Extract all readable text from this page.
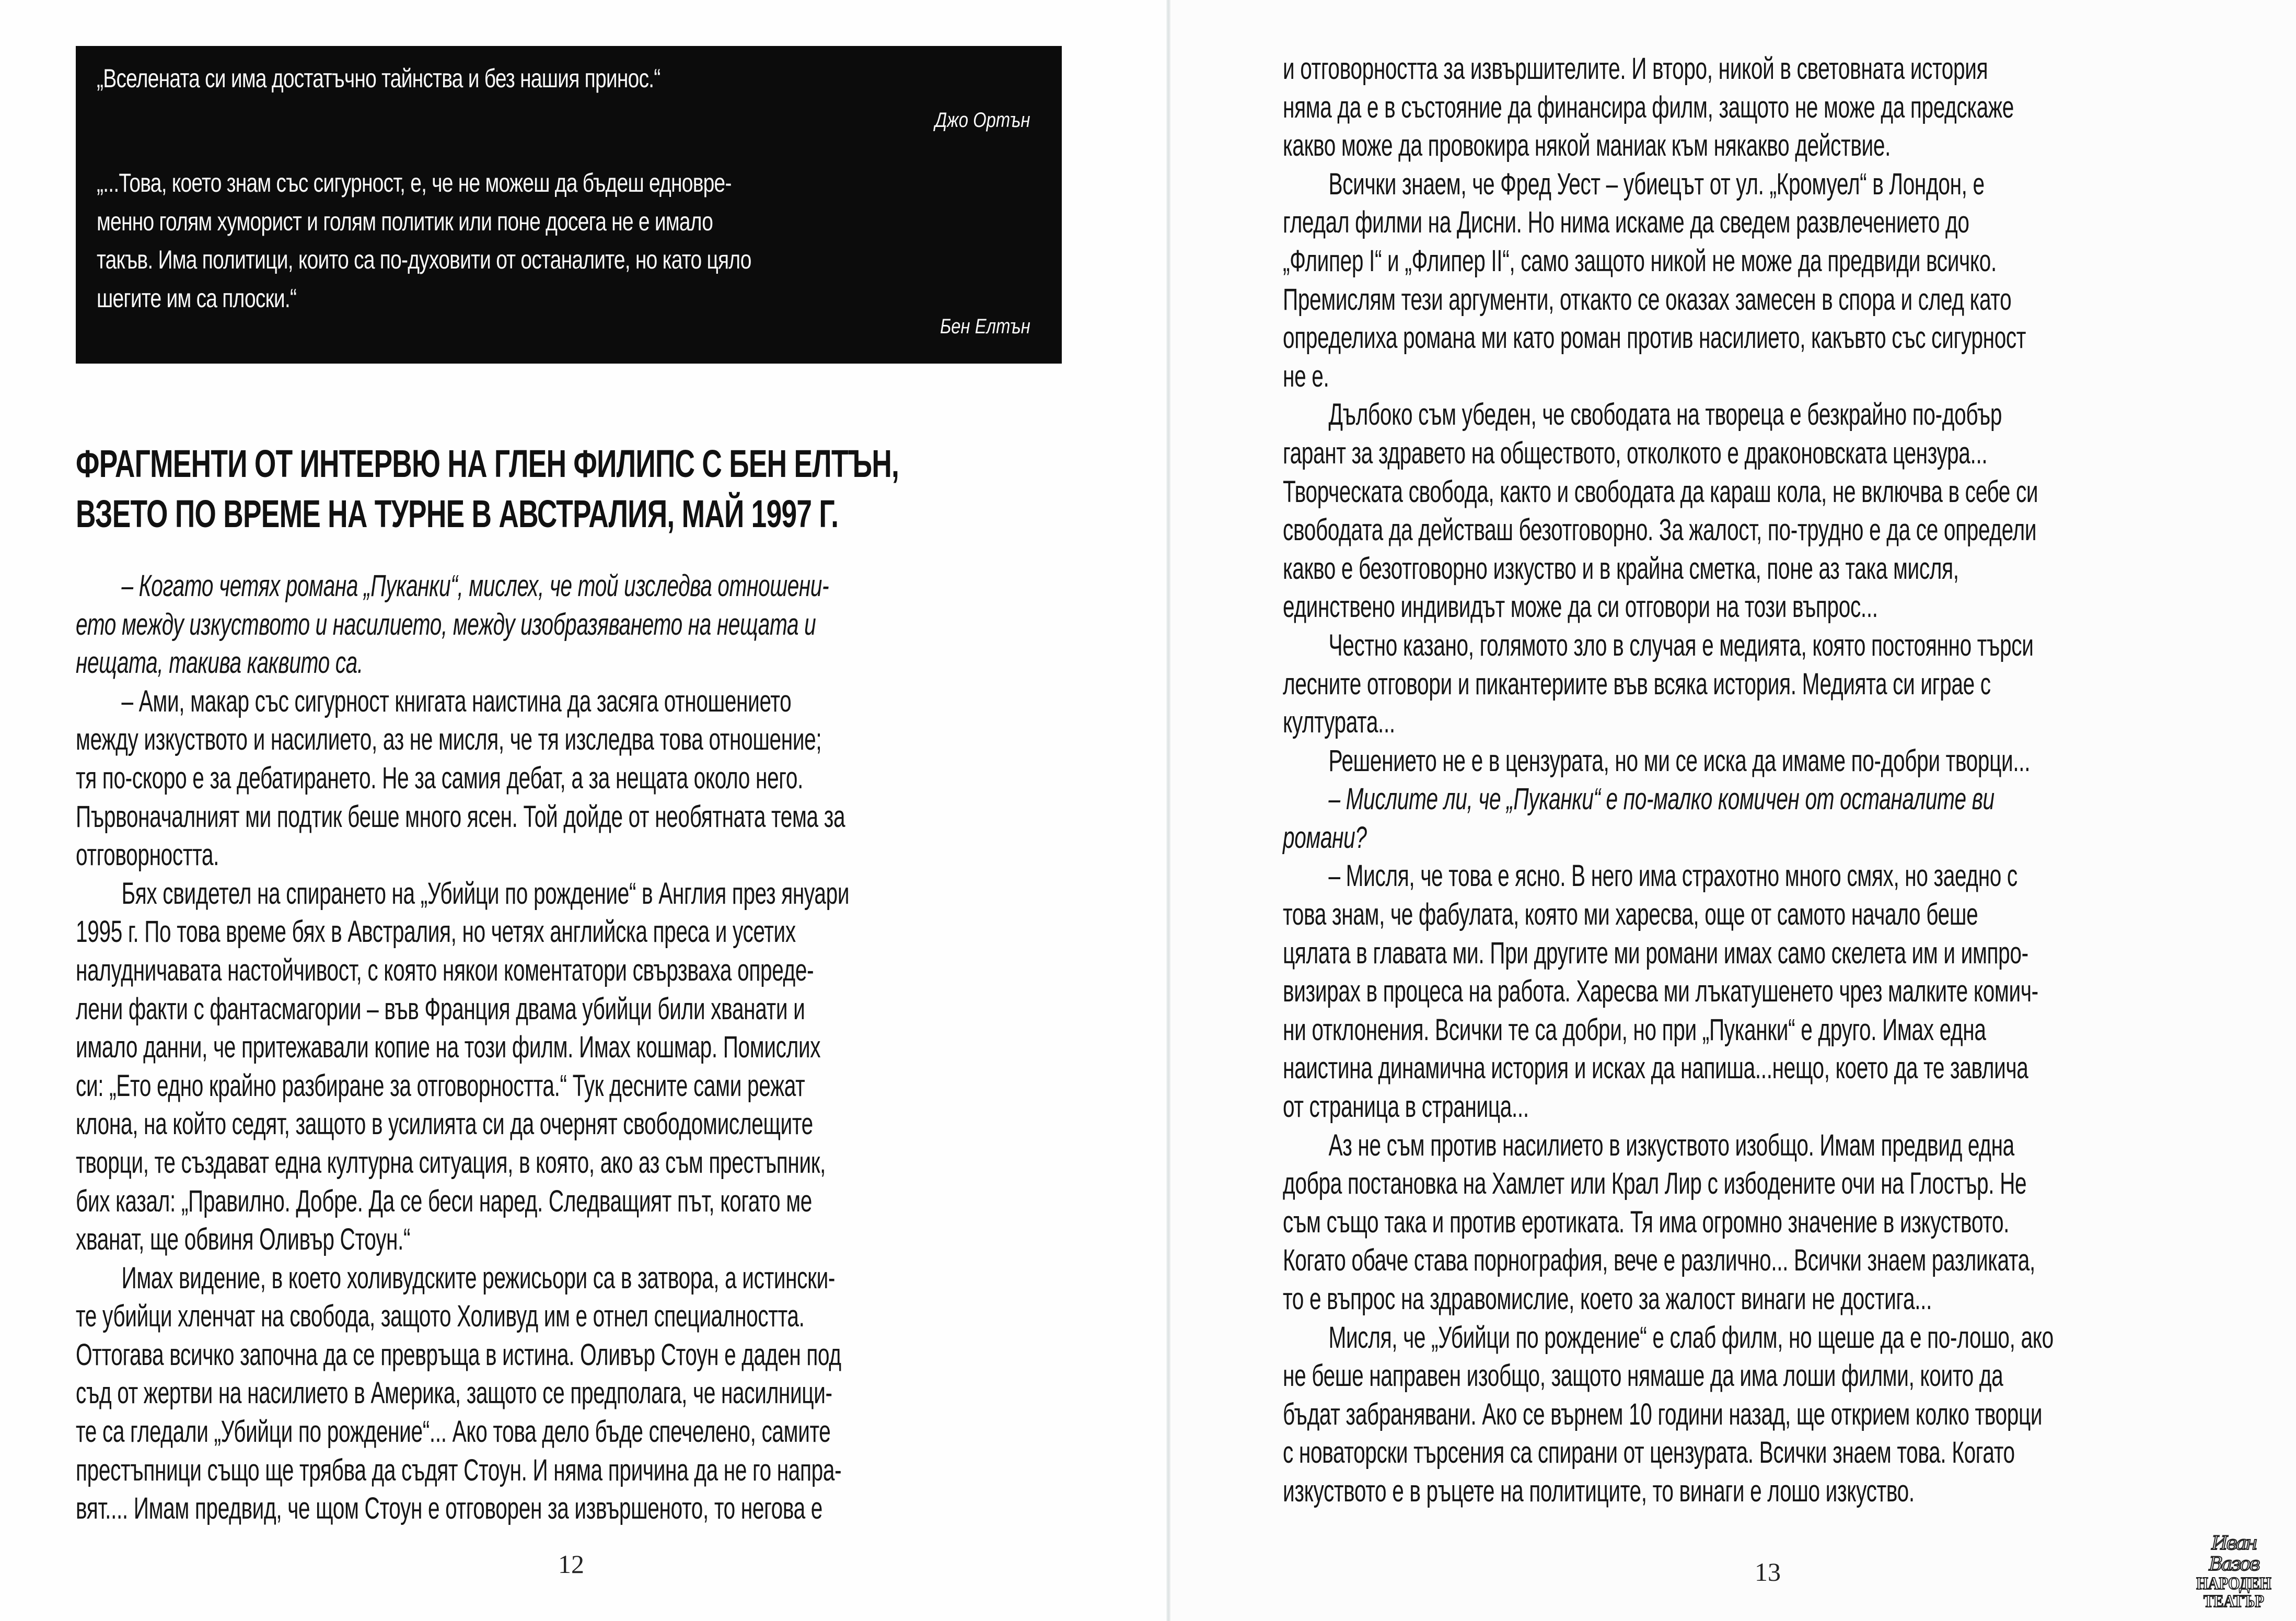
„Вселената си има достатъчно тайнства и без нашия принос.“
Джо Ортън
„...Това, което знам със сигурност, е, че не можеш да бъдеш едновре-
менно голям хуморист и голям политик или поне досега не е имало
такъв. Има политици, които са по-духовити от останалите, но като цяло
шегите им са плоски.“
Бен Елтън
ФРАГМЕНТИ ОТ ИНТЕРВЮ НА ГЛЕН ФИЛИПС С БЕН ЕЛТЪН,
ВЗЕТО ПО ВРЕМЕ НА ТУРНЕ В АВСТРАЛИЯ, МАЙ 1997 Г.
– Когато четях романа „Пуканки“, мислех, че той изследва отношени-
ето между изкуството и насилието, между изобразяването на нещата и
нещата, такива каквито са.
– Ами, макар със сигурност книгата наистина да засяга отношението
между изкуството и насилието, аз не мисля, че тя изследва това отношение;
тя по-скоро е за дебатирането. Не за самия дебат, а за нещата около него.
Първоначалният ми подтик беше много ясен. Той дойде от необятната тема за
отговорността.
Бях свидетел на спирането на „Убийци по рождение“ в Англия през януари
1995 г. По това време бях в Австралия, но четях английска преса и усетих
налудничавата настойчивост, с която някои коментатори свързваха опреде-
лени факти с фантасмагории – във Франция двама убийци били хванати и
имало данни, че притежавали копие на този филм. Имах кошмар. Помислих
си: „Ето едно крайно разбиране за отговорността.“ Тук десните сами режат
клона, на който седят, защото в усилията си да очернят свободомислещите
творци, те създават една културна ситуация, в която, ако аз съм престъпник,
бих казал: „Правилно. Добре. Да се беси наред. Следващият път, когато ме
хванат, ще обвиня Оливър Стоун.“
Имах видение, в което холивудските режисьори са в затвора, а истински-
те убийци хленчат на свобода, защото Холивуд им е отнел специалността.
Оттогава всичко започна да се превръща в истина. Оливър Стоун е даден под
съд от жертви на насилието в Америка, защото се предполага, че насилници-
те са гледали „Убийци по рождение“... Ако това дело бъде спечелено, самите
престъпници също ще трябва да съдят Стоун. И няма причина да не го напра-
вят.... Имам предвид, че щом Стоун е отговорен за извършеното, то негова е
12
и отговорността за извършителите. И второ, никой в световната история
няма да е в състояние да финансира филм, защото не може да предскаже
какво може да провокира някой маниак към някакво действие.
Всички знаем, че Фред Уест – убиецът от ул. „Кромуел“ в Лондон, е
гледал филми на Дисни. Но нима искаме да сведем развлечението до
„Флипер I“ и „Флипер II“, само защото никой не може да предвиди всичко.
Премислям тези аргументи, откакто се оказах замесен в спора и след като
определиха романа ми като роман против насилието, какъвто със сигурност
не е.
Дълбоко съм убеден, че свободата на твореца е безкрайно по-добър
гарант за здравето на обществото, отколкото е драконовската цензура...
Творческата свобода, както и свободата да караш кола, не включва в себе си
свободата да действаш безотговорно. За жалост, по-трудно е да се определи
какво е безотговорно изкуство и в крайна сметка, поне аз така мисля,
единствено индивидът може да си отговори на този въпрос...
Честно казано, голямото зло в случая е медията, която постоянно търси
лесните отговори и пикантериите във всяка история. Медията си играе с
културата...
Решението не е в цензурата, но ми се иска да имаме по-добри творци...
– Мислите ли, че „Пуканки“ е по-малко комичен от останалите ви
романи?
– Мисля, че това е ясно. В него има страхотно много смях, но заедно с
това знам, че фабулата, която ми харесва, още от самото начало беше
цялата в главата ми. При другите ми романи имах само скелета им и импро-
визирах в процеса на работа. Харесва ми лъкатушенето чрез малките комич-
ни отклонения. Всички те са добри, но при „Пуканки“ е друго. Имах една
наистина динамична история и исках да напиша...нещо, което да те завлича
от страница в страница...
Аз не съм против насилието в изкуството изобщо. Имам предвид една
добра постановка на Хамлет или Крал Лир с избодените очи на Глостър. Не
съм също така и против еротиката. Тя има огромно значение в изкуството.
Когато обаче става порнография, вече е различно... Всички знаем разликата,
то е въпрос на здравомислие, което за жалост винаги не достига...
Мисля, че „Убийци по рождение“ е слаб филм, но щеше да е по-лошо, ако
не беше направен изобщо, защото нямаше да има лоши филми, които да
бъдат забранявани. Ако се върнем 10 години назад, ще открием колко творци
с новаторски търсения са спирани от цензурата. Всички знаем това. Когато
изкуството е в ръцете на политиците, то винаги е лошо изкуство.
13
Иван Вазов
НАРОДЕН
ТЕАТЪР
